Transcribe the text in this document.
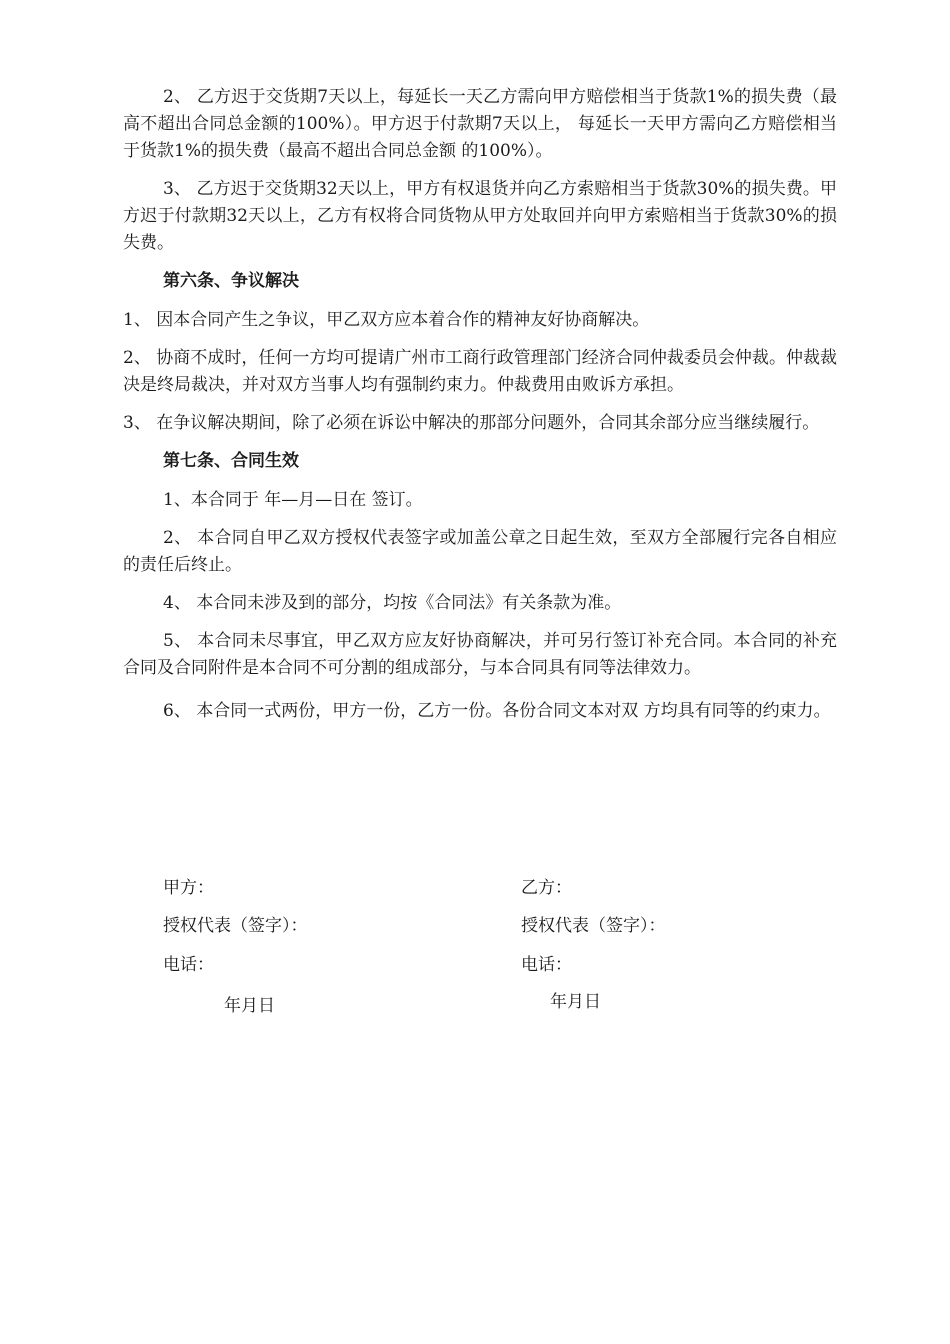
2、 乙方迟于交货期7天以上，每延长一天乙方需向甲方赔偿相当于货款1%的损失费（最高不超出合同总金额的100%）。甲方迟于付款期7天以上， 每延长一天甲方需向乙方赔偿相当于货款1%的损失费（最高不超出合同总金额 的100%）。

3、 乙方迟于交货期32天以上，甲方有权退货并向乙方索赔相当于货款30%的损失费。甲方迟于付款期32天以上，乙方有权将合同货物从甲方处取回并向甲方索赔相当于货款30%的损失费。

第六条、争议解决

1、 因本合同产生之争议，甲乙双方应本着合作的精神友好协商解决。

2、 协商不成时，任何一方均可提请广州市工商行政管理部门经济合同仲裁委员会仲裁。仲裁裁决是终局裁决，并对双方当事人均有强制约束力。仲裁费用由败诉方承担。

3、 在争议解决期间，除了必须在诉讼中解决的那部分问题外，合同其余部分应当继续履行。

第七条、合同生效

1、本合同于 年—月—日在 签订。

2、 本合同自甲乙双方授权代表签字或加盖公章之日起生效，至双方全部履行完各自相应的责任后终止。

4、 本合同未涉及到的部分，均按《合同法》有关条款为准。

5、 本合同未尽事宜，甲乙双方应友好协商解决，并可另行签订补充合同。本合同的补充合同及合同附件是本合同不可分割的组成部分，与本合同具有同等法律效力。

6、 本合同一式两份，甲方一份，乙方一份。各份合同文本对双 方均具有同等的约束力。

甲方：
授权代表（签字）：
电话：
年月日
乙方：
授权代表（签字）：
电话：
年月日
